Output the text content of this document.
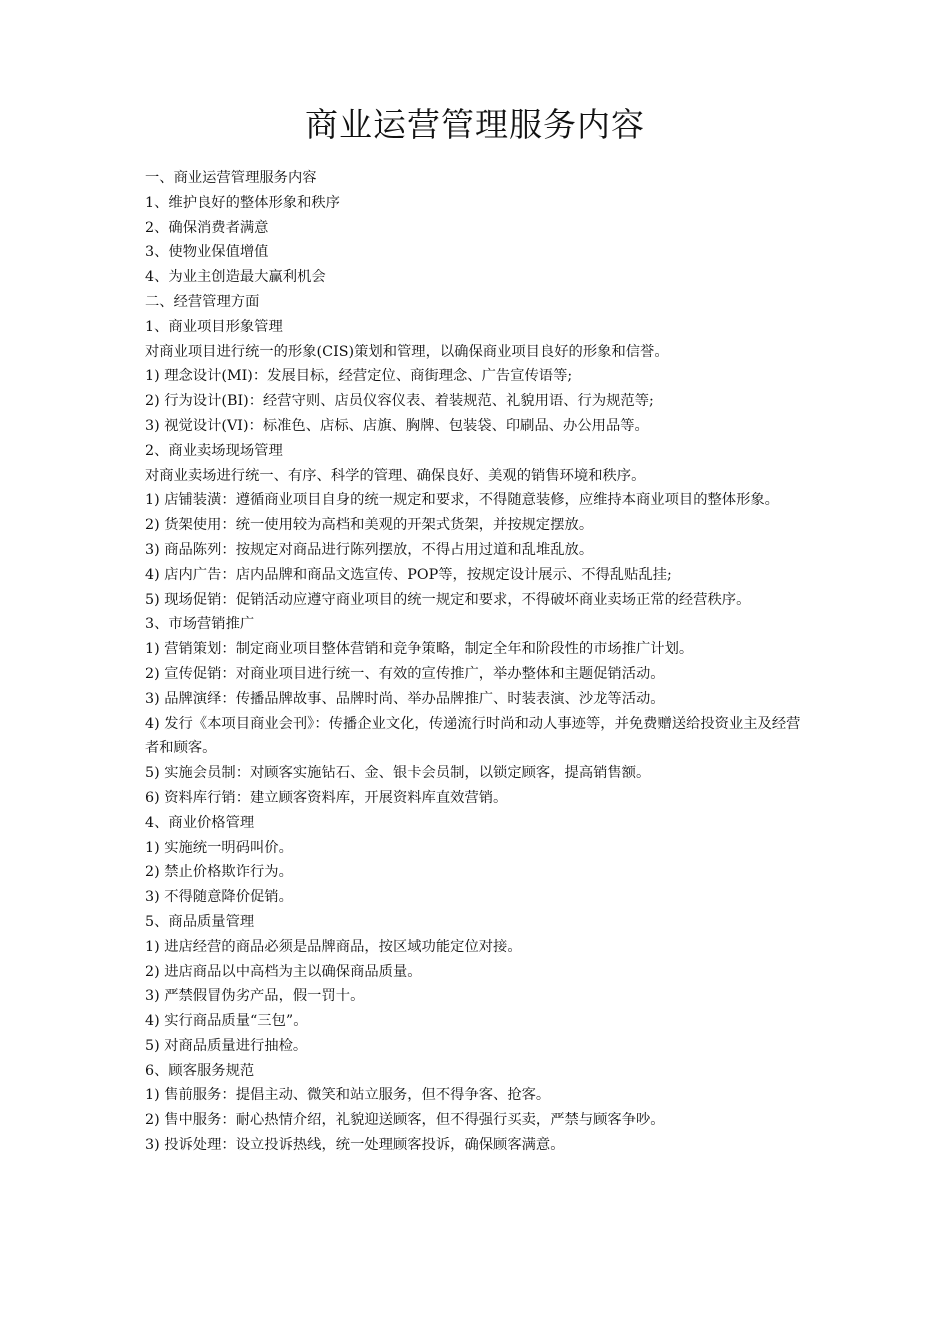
商业运营管理服务内容
一、商业运营管理服务内容
1、维护良好的整体形象和秩序
2、确保消费者满意
3、使物业保值增值
4、为业主创造最大赢利机会
二、经营管理方面
1、商业项目形象管理
对商业项目进行统一的形象(CIS)策划和管理，以确保商业项目良好的形象和信誉。
1) 理念设计(MI)：发展目标，经营定位、商街理念、广告宣传语等;
2) 行为设计(BI)：经营守则、店员仪容仪表、着装规范、礼貌用语、行为规范等;
3) 视觉设计(VI)：标准色、店标、店旗、胸牌、包装袋、印刷品、办公用品等。
2、商业卖场现场管理
对商业卖场进行统一、有序、科学的管理、确保良好、美观的销售环境和秩序。
1) 店铺装潢：遵循商业项目自身的统一规定和要求，不得随意装修，应维持本商业项目的整体形象。
2) 货架使用：统一使用较为高档和美观的开架式货架，并按规定摆放。
3) 商品陈列：按规定对商品进行陈列摆放，不得占用过道和乱堆乱放。
4) 店内广告：店内品牌和商品文选宣传、POP等，按规定设计展示、不得乱贴乱挂;
5) 现场促销：促销活动应遵守商业项目的统一规定和要求，不得破坏商业卖场正常的经营秩序。
3、市场营销推广
1) 营销策划：制定商业项目整体营销和竞争策略，制定全年和阶段性的市场推广计划。
2) 宣传促销：对商业项目进行统一、有效的宣传推广，举办整体和主题促销活动。
3) 品牌演绎：传播品牌故事、品牌时尚、举办品牌推广、时装表演、沙龙等活动。
4) 发行《本项目商业会刊》：传播企业文化，传递流行时尚和动人事迹等，并免费赠送给投资业主及经营者和顾客。
5) 实施会员制：对顾客实施钻石、金、银卡会员制，以锁定顾客，提高销售额。
6) 资料库行销：建立顾客资料库，开展资料库直效营销。
4、商业价格管理
1) 实施统一明码叫价。
2) 禁止价格欺诈行为。
3) 不得随意降价促销。
5、商品质量管理
1) 进店经营的商品必须是品牌商品，按区域功能定位对接。
2) 进店商品以中高档为主以确保商品质量。
3) 严禁假冒伪劣产品，假一罚十。
4) 实行商品质量“三包”。
5) 对商品质量进行抽检。
6、顾客服务规范
1) 售前服务：提倡主动、微笑和站立服务，但不得争客、抢客。
2) 售中服务：耐心热情介绍，礼貌迎送顾客，但不得强行买卖，严禁与顾客争吵。
3) 投诉处理：设立投诉热线，统一处理顾客投诉，确保顾客满意。
